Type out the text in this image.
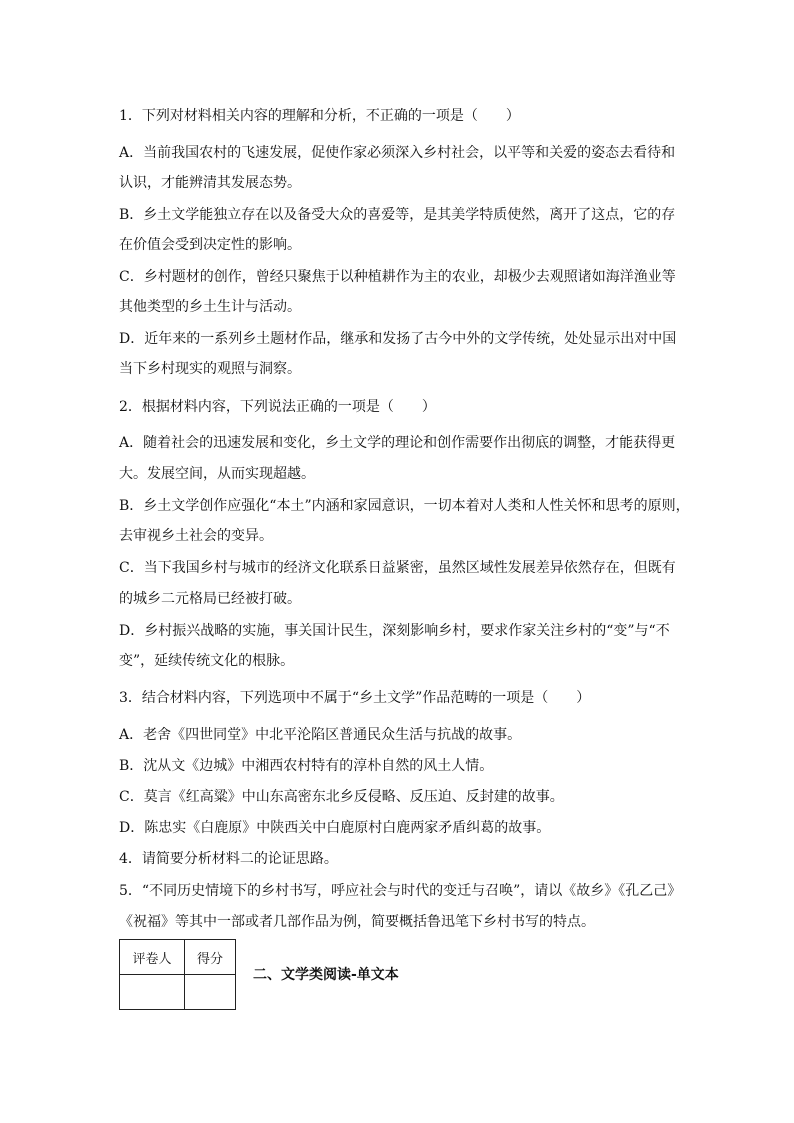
1．下列对材料相关内容的理解和分析，不正确的一项是（　　）
A．当前我国农村的飞速发展，促使作家必须深入乡村社会，以平等和关爱的姿态去看待和
认识，才能辨清其发展态势。
B．乡土文学能独立存在以及备受大众的喜爱等，是其美学特质使然，离开了这点，它的存
在价值会受到决定性的影响。
C．乡村题材的创作，曾经只聚焦于以种植耕作为主的农业，却极少去观照诸如海洋渔业等
其他类型的乡土生计与活动。
D．近年来的一系列乡土题材作品，继承和发扬了古今中外的文学传统，处处显示出对中国
当下乡村现实的观照与洞察。
2．根据材料内容，下列说法正确的一项是（　　）
A．随着社会的迅速发展和变化，乡土文学的理论和创作需要作出彻底的调整，才能获得更
大。发展空间，从而实现超越。
B．乡土文学创作应强化“本土”内涵和家园意识，一切本着对人类和人性关怀和思考的原则，
去审视乡土社会的变异。
C．当下我国乡村与城市的经济文化联系日益紧密，虽然区域性发展差异依然存在，但既有
的城乡二元格局已经被打破。
D．乡村振兴战略的实施，事关国计民生，深刻影响乡村，要求作家关注乡村的“变”与“不
变”，延续传统文化的根脉。
3．结合材料内容，下列选项中不属于“乡土文学”作品范畴的一项是（　　）
A．老舍《四世同堂》中北平沦陷区普通民众生活与抗战的故事。
B．沈从文《边城》中湘西农村特有的淳朴自然的风土人情。
C．莫言《红高粱》中山东高密东北乡反侵略、反压迫、反封建的故事。
D．陈忠实《白鹿原》中陕西关中白鹿原村白鹿两家矛盾纠葛的故事。
4．请简要分析材料二的论证思路。
5．“不同历史情境下的乡村书写，呼应社会与时代的变迁与召唤”，请以《故乡》《孔乙己》
《祝福》等其中一部或者几部作品为例，简要概括鲁迅笔下乡村书写的特点。
评卷人	得分

二、文学类阅读-单文本
